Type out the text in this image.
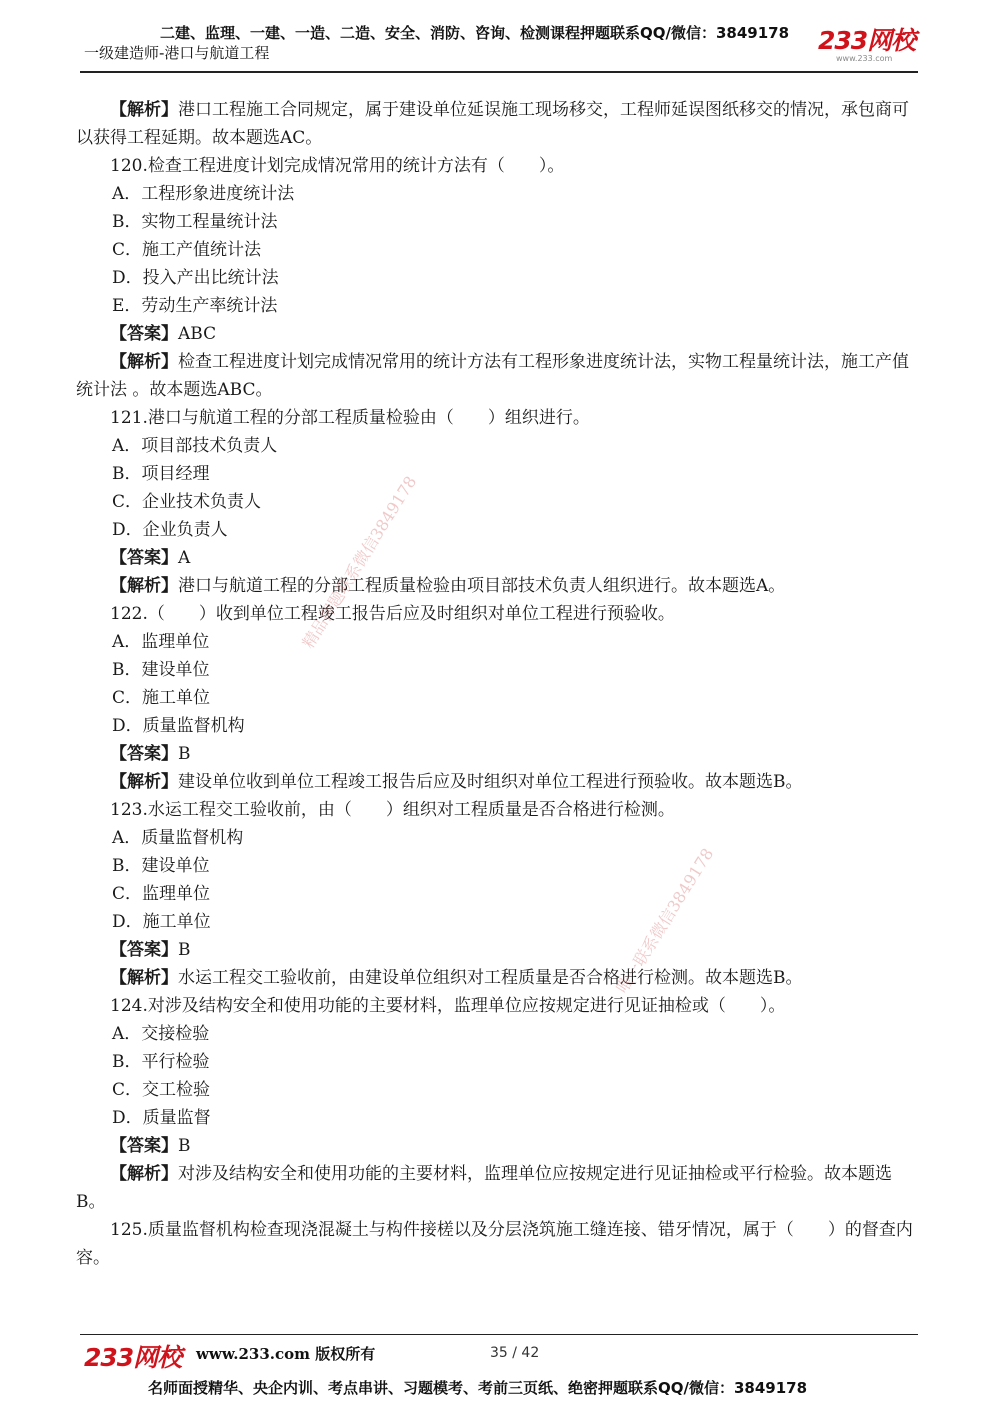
二建、监理、一建、一造、二造、安全、消防、咨询、检测课程押题联系QQ/微信：3849178
一级建造师-港口与航道工程	233网校
www.233.com

【解析】港口工程施工合同规定，属于建设单位延误施工现场移交，工程师延误图纸移交的情况，承包商可以获得工程延期。故本题选AC。

120.检查工程进度计划完成情况常用的统计方法有（　　）。

A．工程形象进度统计法

B．实物工程量统计法

C．施工产值统计法

D．投入产出比统计法

E．劳动生产率统计法

【答案】ABC

【解析】检查工程进度计划完成情况常用的统计方法有工程形象进度统计法，实物工程量统计法，施工产值统计法 。故本题选ABC。

121.港口与航道工程的分部工程质量检验由（　　）组织进行。

A．项目部技术负责人

B．项目经理

C．企业技术负责人

D．企业负责人

【答案】A

【解析】港口与航道工程的分部工程质量检验由项目部技术负责人组织进行。故本题选A。

122.（　　）收到单位工程竣工报告后应及时组织对单位工程进行预验收。

A．监理单位

B．建设单位

C．施工单位

D．质量监督机构

【答案】B

【解析】建设单位收到单位工程竣工报告后应及时组织对单位工程进行预验收。故本题选B。

123.水运工程交工验收前，由（　　）组织对工程质量是否合格进行检测。

A．质量监督机构

B．建设单位

C．监理单位

D．施工单位

【答案】B

【解析】水运工程交工验收前，由建设单位组织对工程质量是否合格进行检测。故本题选B。

124.对涉及结构安全和使用功能的主要材料，监理单位应按规定进行见证抽检或（　　）。

A．交接检验

B．平行检验

C．交工检验

D．质量监督

【答案】B

【解析】对涉及结构安全和使用功能的主要材料，监理单位应按规定进行见证抽检或平行检验。故本题选B。

125.质量监督机构检查现浇混凝土与构件接槎以及分层浇筑施工缝连接、错牙情况，属于（　　）的督查内容。

精品押题联系微信3849178
唯一联系微信3849178
233网校 www.233.com 版权所有	35 / 42
名师面授精华、央企内训、考点串讲、习题模考、考前三页纸、绝密押题联系QQ/微信：3849178
